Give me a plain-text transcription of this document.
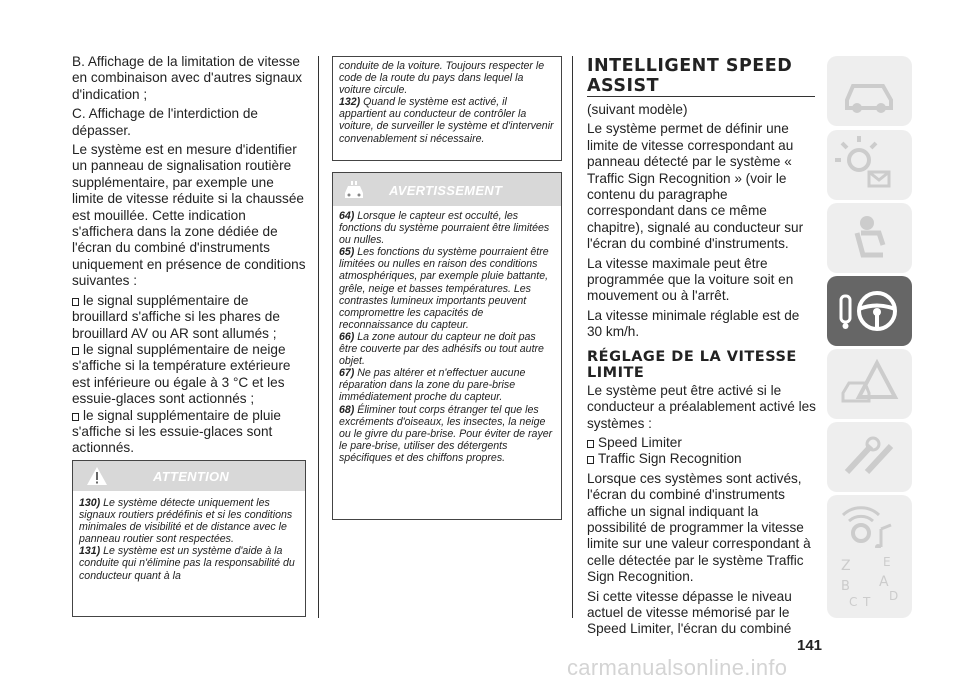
B. Affichage de la limitation de vitesse en combinaison avec d'autres signaux d'indication ;

C. Affichage de l'interdiction de dépasser.

Le système est en mesure d'identifier un panneau de signalisation routière supplémentaire, par exemple une limite de vitesse réduite si la chaussée est mouillée. Cette indication s'affichera dans la zone dédiée de l'écran du combiné d'instruments uniquement en présence de conditions suivantes :

le signal supplémentaire de brouillard s'affiche si les phares de brouillard AV ou AR sont allumés ;

le signal supplémentaire de neige s'affiche si la température extérieure est inférieure ou égale à 3 °C et les essuie-glaces sont actionnés ;

le signal supplémentaire de pluie s'affiche si les essuie-glaces sont actionnés.

ATTENTION

130) Le système détecte uniquement les signaux routiers prédéfinis et si les conditions minimales de visibilité et de distance avec le panneau routier sont respectées.

131) Le système est un système d'aide à la conduite qui n'élimine pas la responsabilité du conducteur quant à la

conduite de la voiture. Toujours respecter le code de la route du pays dans lequel la voiture circule.

132) Quand le système est activé, il appartient au conducteur de contrôler la voiture, de surveiller le système et d'intervenir convenablement si nécessaire.

AVERTISSEMENT

64) Lorsque le capteur est occulté, les fonctions du système pourraient être limitées ou nulles.

65) Les fonctions du système pourraient être limitées ou nulles en raison des conditions atmosphériques, par exemple pluie battante, grêle, neige et basses températures. Les contrastes lumineux importants peuvent compromettre les capacités de reconnaissance du capteur.

66) La zone autour du capteur ne doit pas être couverte par des adhésifs ou tout autre objet.

67) Ne pas altérer et n'effectuer aucune réparation dans la zone du pare-brise immédiatement proche du capteur.

68) Éliminer tout corps étranger tel que les excréments d'oiseaux, les insectes, la neige ou le givre du pare-brise. Pour éviter de rayer le pare-brise, utiliser des détergents spécifiques et des chiffons propres.

INTELLIGENT SPEED
ASSIST

(suivant modèle)

Le système permet de définir une limite de vitesse correspondant au panneau détecté par le système « Traffic Sign Recognition » (voir le contenu du paragraphe correspondant dans ce même chapitre), signalé au conducteur sur l'écran du combiné d'instruments.

La vitesse maximale peut être programmée que la voiture soit en mouvement ou à l'arrêt.

La vitesse minimale réglable est de 30 km/h.

RÉGLAGE DE LA VITESSE
LIMITE

Le système peut être activé si le conducteur a préalablement activé les systèmes :

Speed Limiter

Traffic Sign Recognition

Lorsque ces systèmes sont activés, l'écran du combiné d'instruments affiche un signal indiquant la possibilité de programmer la vitesse limite sur une valeur correspondant à celle détectée par le système Traffic Sign Recognition.

Si cette vitesse dépasse le niveau actuel de vitesse mémorisé par le Speed Limiter, l'écran du combiné

Z	E
A
B
C T D
141
carmanualsonline.info
